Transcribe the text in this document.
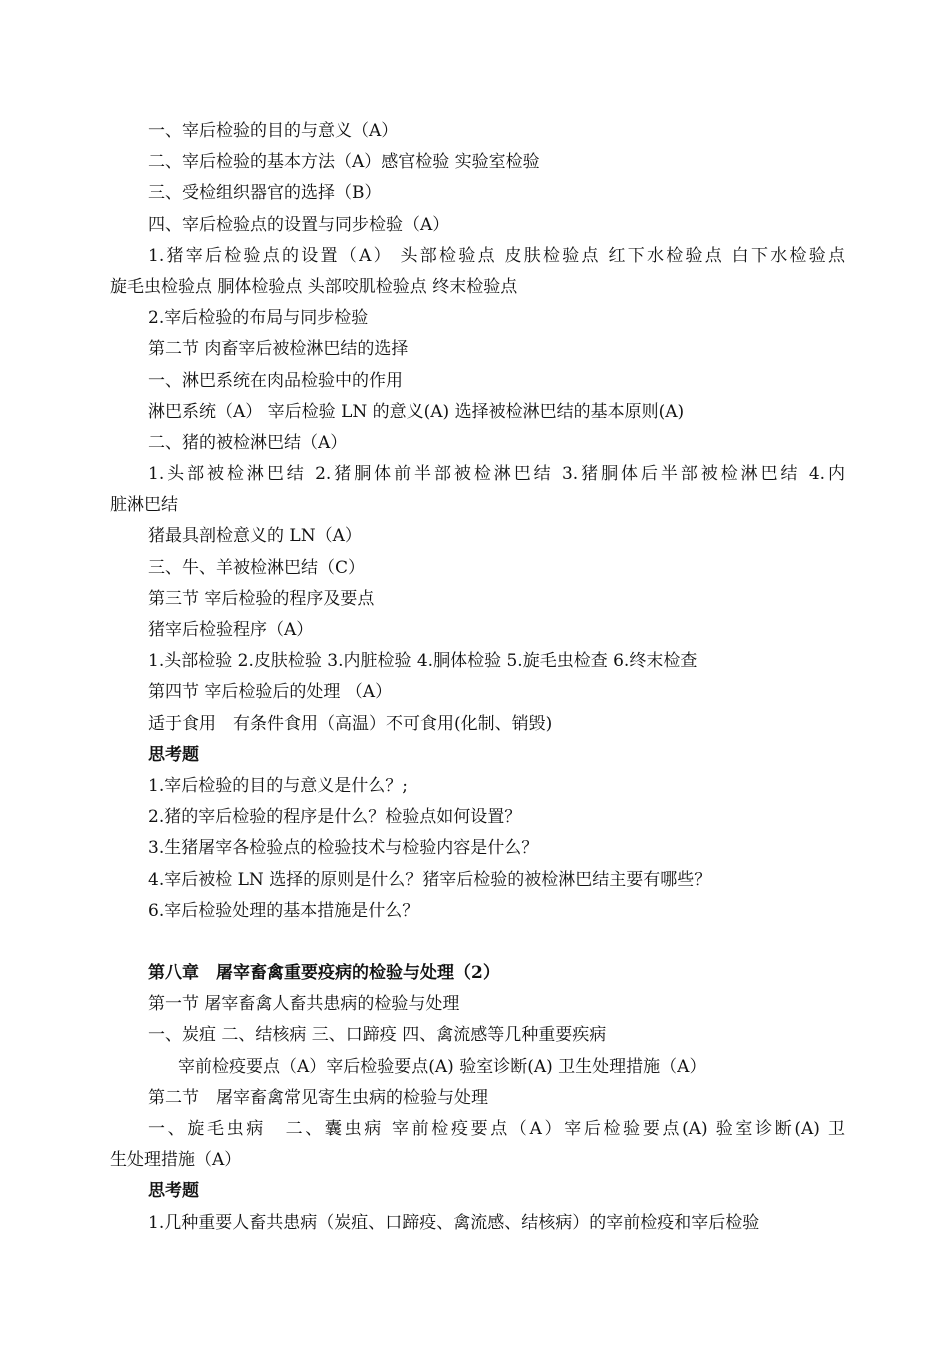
一、宰后检验的目的与意义（A）
二、宰后检验的基本方法（A）感官检验 实验室检验
三、受检组织器官的选择（B）
四、宰后检验点的设置与同步检验（A）
1.猪宰后检验点的设置（A） 头部检验点 皮肤检验点 红下水检验点 白下水检验点
旋毛虫检验点 胴体检验点 头部咬肌检验点 终末检验点
2.宰后检验的布局与同步检验
第二节 肉畜宰后被检淋巴结的选择
一、淋巴系统在肉品检验中的作用
淋巴系统（A） 宰后检验 LN 的意义(A) 选择被检淋巴结的基本原则(A)
二、猪的被检淋巴结（A）
1.头部被检淋巴结 2.猪胴体前半部被检淋巴结 3.猪胴体后半部被检淋巴结 4.内
脏淋巴结
猪最具剖检意义的 LN（A）
三、牛、羊被检淋巴结（C）
第三节 宰后检验的程序及要点
猪宰后检验程序（A）
1.头部检验 2.皮肤检验 3.内脏检验 4.胴体检验 5.旋毛虫检查 6.终末检查
第四节 宰后检验后的处理 （A）
适于食用　有条件食用（高温）不可食用(化制、销毁)
思考题
1.宰后检验的目的与意义是什么？;
2.猪的宰后检验的程序是什么？检验点如何设置？
3.生猪屠宰各检验点的检验技术与检验内容是什么？
4.宰后被检 LN 选择的原则是什么？猪宰后检验的被检淋巴结主要有哪些？
6.宰后检验处理的基本措施是什么？
第八章　屠宰畜禽重要疫病的检验与处理（2）
第一节 屠宰畜禽人畜共患病的检验与处理
一、炭疽 二、结核病 三、口蹄疫 四、禽流感等几种重要疾病
宰前检疫要点（A）宰后检验要点(A) 验室诊断(A) 卫生处理措施（A）
第二节　屠宰畜禽常见寄生虫病的检验与处理
一、旋毛虫病　二、囊虫病 宰前检疫要点（A）宰后检验要点(A) 验室诊断(A) 卫
生处理措施（A）
思考题
1.几种重要人畜共患病（炭疽、口蹄疫、禽流感、结核病）的宰前检疫和宰后检验
